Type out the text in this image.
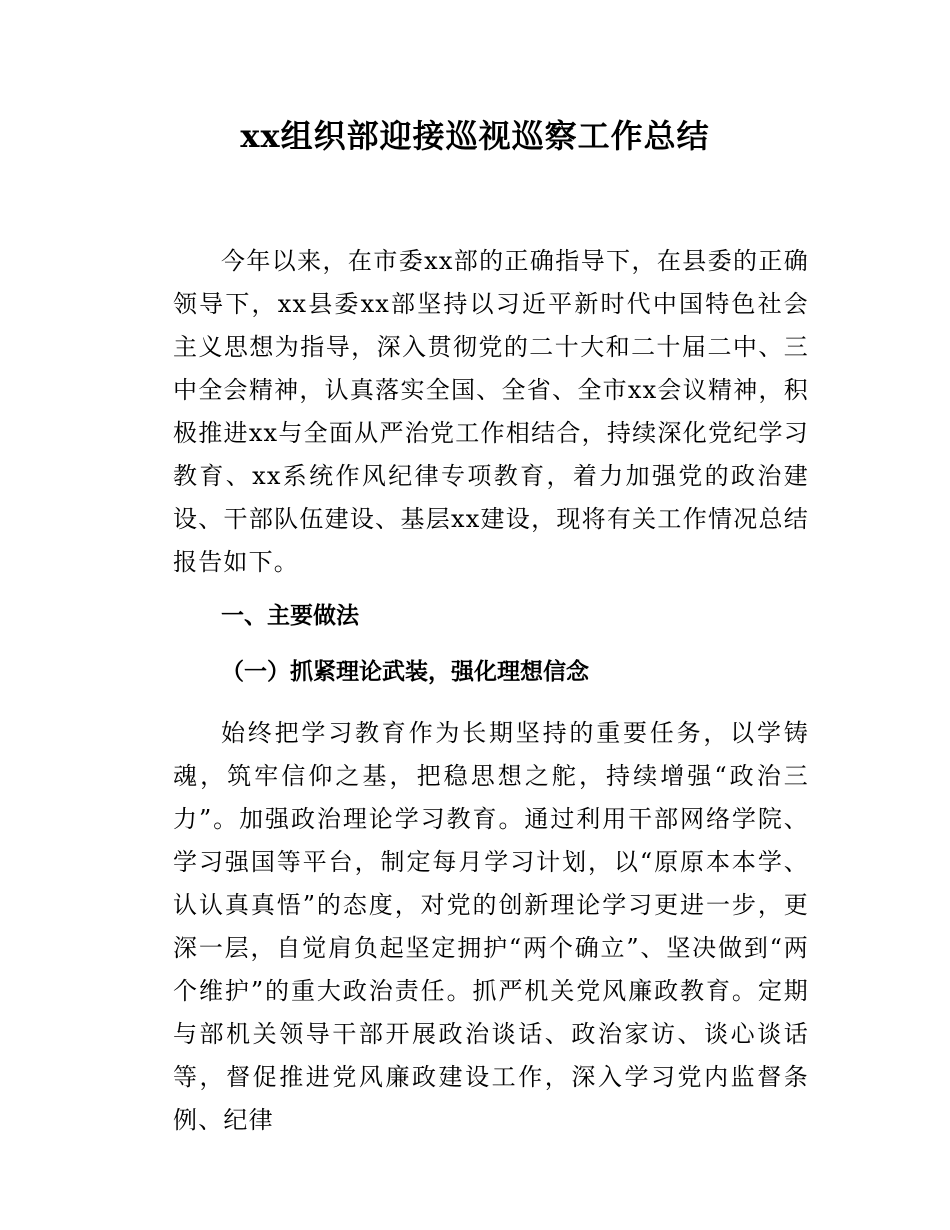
xx组织部迎接巡视巡察工作总结

今年以来，在市委xx部的正确指导下，在县委的正确领导下，xx县委xx部坚持以习近平新时代中国特色社会主义思想为指导，深入贯彻党的二十大和二十届二中、三中全会精神，认真落实全国、全省、全市xx会议精神，积极推进xx与全面从严治党工作相结合，持续深化党纪学习教育、xx系统作风纪律专项教育，着力加强党的政治建设、干部队伍建设、基层xx建设，现将有关工作情况总结报告如下。

一、主要做法
（一）抓紧理论武装，强化理想信念

始终把学习教育作为长期坚持的重要任务，以学铸魂，筑牢信仰之基，把稳思想之舵，持续增强“政治三力”。加强政治理论学习教育。通过利用干部网络学院、学习强国等平台，制定每月学习计划，以“原原本本学、认认真真悟”的态度，对党的创新理论学习更进一步，更深一层，自觉肩负起坚定拥护“两个确立”、坚决做到“两个维护”的重大政治责任。抓严机关党风廉政教育。定期与部机关领导干部开展政治谈话、政治家访、谈心谈话等，督促推进党风廉政建设工作，深入学习党内监督条例、纪律
